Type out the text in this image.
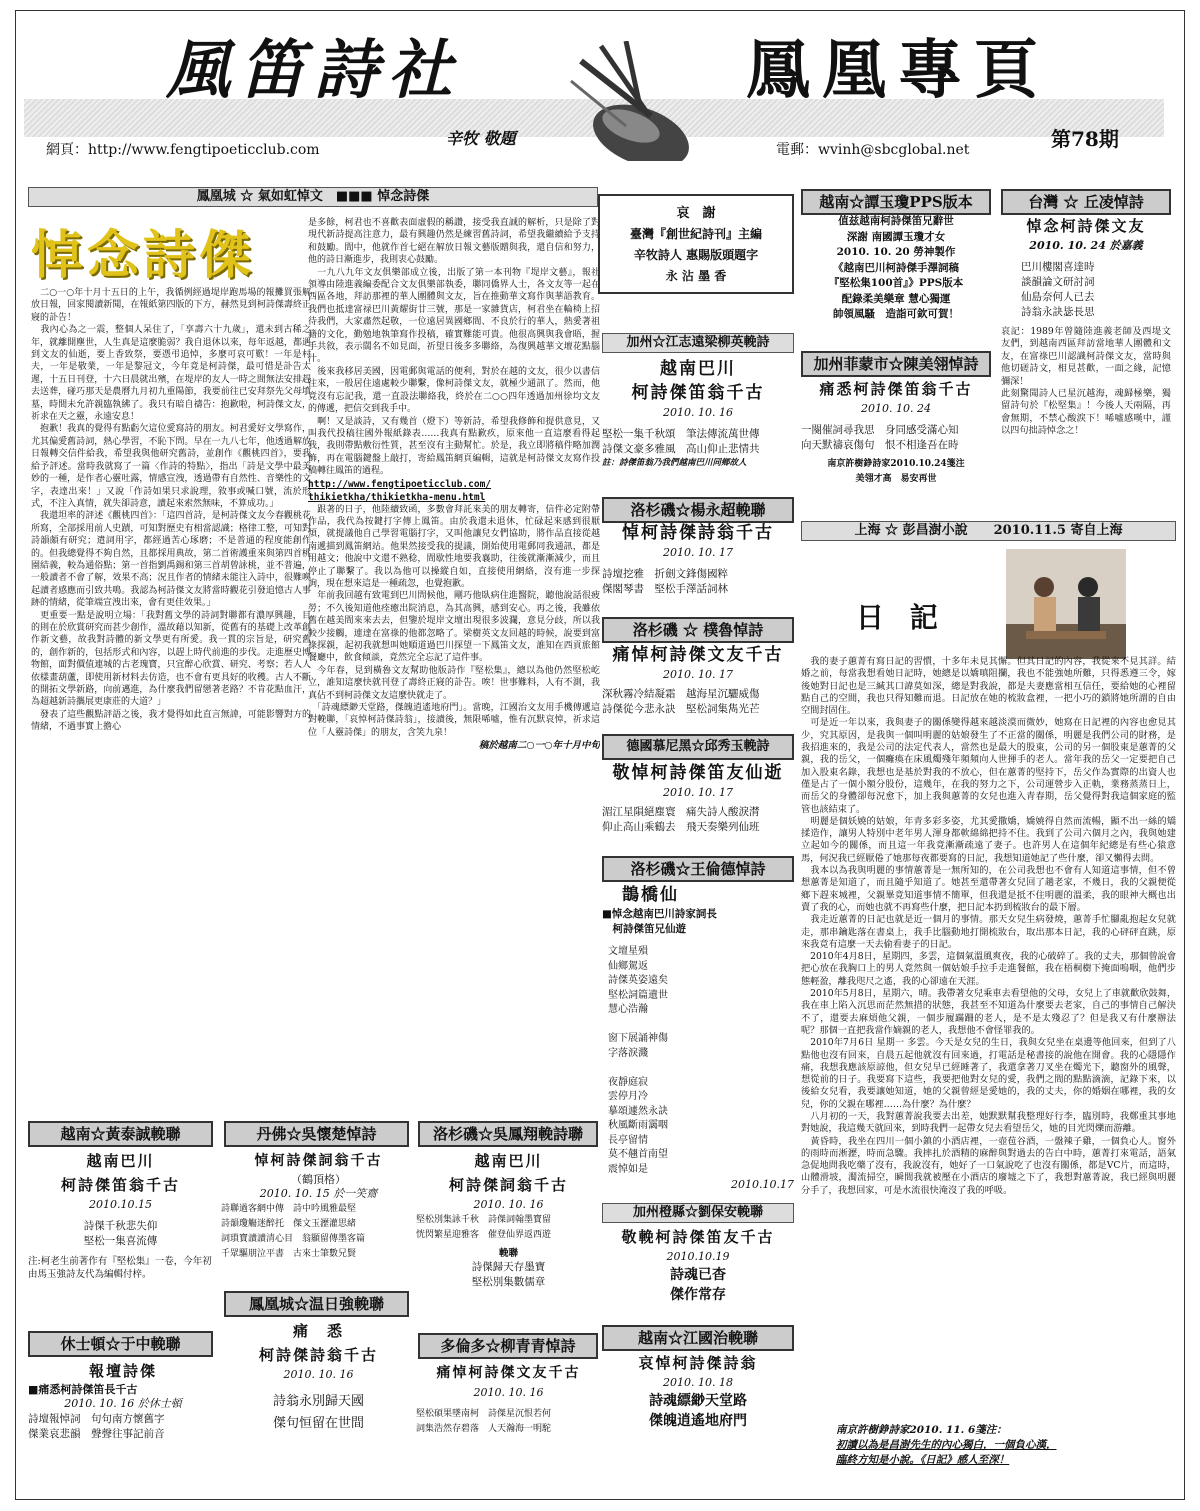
風笛詩社
辛牧 敬題
鳳凰專頁
網頁：http://www.fengtipoeticclub.com	電郵：wvinh@sbcglobal.net	第78期
鳳凰城 ☆ 氣如虹悼文　■■■ 悼念詩傑
悼念詩傑
　二○一○年十月十五日的上午，我循例經過堤岸跑馬場的報攤買張解放日報，回家閱讀新聞，在報紙第四版的下方，赫然見到柯詩傑壽終正寢的訃告！
　我內心為之一震，整個人呆住了，「享壽六十九歲」，還未到古稀之年，就離開塵世，人生真是這麼脆弱？我自退休以來，每年返越，都遇到文友的仙逝，要上香致祭，要憑弔追悼，多麼可哀可歎！一年是村夫，一年是敬業，一年是黎冠文，今年竟是柯詩傑，最可惜是訃告太遲，十五日刊登，十六日晨就出殯，在堤岸的友人一時之間無法安排趕去送葬，碰巧那天是農曆九月初九重陽節，我要前往已安拜祭先父母墳墓，時間未允許親臨執紼了。我只有暗自禱告：抱歉啦，柯詩傑文友，祈求在天之靈，永遠安息！
　抱歉！我真的覺得有點虧欠這位愛寫詩的朋友。柯君愛好文學寫作，尤其偏愛舊詩詞，熱心學習，不恥下問。早在一九八七年，他透過解放日報轉交信件給我，希望我與他研究舊詩，並創作《觀桃四首》，要我給予評述。當時我就寫了一篇〈作詩的特點〉，指出「詩是文學中最美妙的一種，是作者心靈吐露，情感宣洩，透過帶有自然性、音樂性的文字，表達出來！」又說「作詩如果只求說理，敘事或喊口號，流於形式，不注入真情，就失卻詩意，讀起來索然無味，不算成功。」
　我還坦率的評述《觀桃四首》：「這四首詩，是柯詩傑文友今春觀桃花所寫，全部採用前人史蹟，可知對歷史有相當認識；格律工整，可知對詩韻頗有研究；遣詞用字，都經過苦心琢磨；不是普通的程度能創作的。但我總覺得不夠自然，且都採用典故，第二首術護重來與第四首桃園結義，較為通俗點；第一首指劉禹錫和第三首胡曾詠桃，並不普遍，一般讀者不會了解，效果不高；況且作者的情緒未能注入詩中，很難喚起讀者感應而引致共鳴。我認為柯詩傑文友將當時觀花引發追憶古人事跡的情緒，從筆端宣洩出來，會有更佳效果。」
　更重要一點是說明立場：「我對舊文學的詩詞對聯都有濃厚興趣，目的則在於欣賞研究而甚少創作，溫故藉以知新，從舊有的基礎上改革創作新文藝，故我對詩體的新文學更有所愛。我一貫的宗旨是，研究舊的，創作新的，包括形式和內容，以趕上時代前進的步伐。走進歷史博物館，面對價值連城的古老瑰寶，只宜醉心欣賞、研究、考察；若人人依樣畫葫蘆，即使用新材料去仿造，也不會有更具好的收穫。古人不斷的開拓文學新路，向前邁進，為什麼我們留戀著老路？不肯花點血汗，為超越新詩攜展更康莊的大道？」
　發表了這些觀點評語之後，我才覺得如此直言無諱，可能影響對方的情緒，不過事實上擔心
是多餘，柯君也不喜歡表面虛假的稱讚，接受我直誠的解析，只是除了對現代新詩提高注意力，最有興趣仍然是練習舊詩詞，希望我繼續給予支持和鼓勵。間中，他就作首七絕在解放日報文藝版贈與我，還自信和努力，他的詩日漸進步，我則衷心鼓勵。
　一九八九年文友俱樂部成立後，出版了第一本刊物『堤岸文藝』，報社領導由陸進義編委配合文友俱樂部執委，聯同僑界人士，各文友等一起在西區各地，拜訪那裡的華人團體與文友，旨在推動華文寫作與華語教育。我們也抵達富禄巴川黃耀街廿三號，那是一家雜貨店，柯君坐在輪椅上招待我們，大家肅然起敬，一位遠居異國鄉間、不良於行的華人，熱愛著祖籍的文化，勤勉地執筆寫作投稿，確實難能可貴。他很高興與我會晤，握手共敘，表示闊名不如見面，祈望日後多多聯絡，為復興越華文壇花點腦汁。
　後來我移居美國，因電郵與電話的便利，對於在越的文友，很少以書信往來，一般居住遠處較少聯繫，像柯詩傑文友，就極少通訊了。然而，他竟沒有忘記我，還一直設法聯絡我，終於在二○○四年透過加州徐均文友的傳遞，把信交到我手中。
　啊！又是談詩，又有幾首（燈下）等新詩，希望我修飾和提供意見，又叫我代投稿往國外報紙錄表……我真有點歉疚，原來他一直這麼看得起我，我則帶點敷衍性質，甚至沒有主動幫忙。於是，我立即將稿件略加潤飾，再在電腦鍵盤上敲打，寄給鳳笛網頁編輯，這就是柯詩傑文友寫作投稿轉往鳳笛的過程。
http://www.fengtipoeticclub.com/
thikietkha/thikietkha-menu.html
　跟著的日子，他陸續致函，多數會拜託來美的朋友轉寄，信件必定附帶作品，我代為按鍵打字傳上鳳笛。由於我還未退休，忙碌起來感到很厭煩，就提議他自己學習電腦打字，又叫他讓兒女們協助，將作品直接從越南遞描到鳳笛網站。他果然接受我的提議，開始使用電郵同我通訊，都是用越文；他說中文還不熟稔，間歇性地要我襄助，往後就漸漸減少，而且停止了聯繫了。我以為他可以操縱自如，直接使用網絡，沒有進一步探詢，現在想來這是一種疏忽，也覺抱歉。
　年前我回越有致電到巴川問候他，剛巧他臥病住進醫院，聽他說話很疲勞；不久後知道他痊癒出院消息，為其高興，感到安心。再之後，我雖依舊在越美間來來去去，但鑒於堤岸文壇出現很多波瀾，意見分歧，所以我較少接觸，連達在富祿的他都忽略了。梁樹英文友回越的時候，說要到富祿探親，起初我就想叫她順道過巴川探望一下鳳笛文友，誰知在西貢旅館餐廳中，飲食傾談，竟然完全忘記了這件事。
　今年春，見到橫魯文友幫助他版詩作『堅松集』，總以為他仍然堅松屹立，誰知這麼快就刊登了壽終正寢的訃告。唉！世事難料，人有不測，我真佔不到柯詩傑文友這麼快就走了。
　「詩魂縹緲天堂路，傑魄逍遙地府門」。當晚，江國治文友用手機傳遞這對輓聯，「哀悼柯詩傑詩翁」，接讀後，無限唏噓，惟有沉默哀悼，祈求這位「人靈詩傑」的朋友，含笑九泉！
稿於越南二○一○年十月中旬
哀　謝
臺灣『創世紀詩刊』主編
辛牧詩人 惠賜版頭題字
永 沾 墨 香
加州☆江志遠梁柳英輓詩
越南巴川
柯詩傑笛翁千古
2010. 10. 16
堅松一集千秋頌　筆法傳流萬世傳
詩傑文豪多雅風　高山仰止悲情共
註：詩傑笛翁乃我們越南巴川同鄉故人
洛杉磯☆楊永超輓聯
悼柯詩傑詩翁千古
2010. 10. 17
詩壇挖雅　折劍文鋒傷國粹
傑閣琴書　堅松手澤話詞林
洛杉磯 ☆ 樸魯悼詩
痛悼柯詩傑文友千古
2010. 10. 17
深秋霧冷結凝霜　越海星沉驪威傷
詩傑從今悲永訣　堅松詞集雋光芒
德國慕尼黑☆邱秀玉輓詩
敬悼柯詩傑笛友仙逝
2010. 10. 17
湄江星隕絕塵寰　痛失詩人酸淚潸
仰止高山乘鶴去　飛天奏樂列仙班
洛杉磯☆王倫德悼詩
鵲橋仙
■悼念越南巴川詩家詞長
　柯詩傑笛兄仙遊
文壇星殞
仙鄉駕返
詩傑英姿遠矣
堅松詞篇遺世
慧心浩瀚

窗下展誦神傷
字落淚濺

夜靜庭寂
雲停月冷
摹頌遽然永訣
秋風斷雨靄咽
長亭留情
莫不翹首南望
震悼如是
2010.10.17
加州橙縣☆劉保安輓聯
敬輓柯詩傑笛友千古
2010.10.19
詩魂已杳
傑作常存
越南☆江國治輓聯
哀悼柯詩傑詩翁
2010. 10. 18
詩魂縹緲天堂路
傑魄逍遙地府門
越南☆譚玉瓊PPS版本
值兹越南柯詩傑笛兄辭世
深謝 南國譚玉瓊才女
2010. 10. 20 勞神製作
《越南巴川柯詩傑手澤詞稿
『堅松集100首』》PPS版本
配錄柔美樂章 慧心獨運
帥領風騷　造詣可欽可賀！
加州菲蒙市☆陳美翎悼詩
痛悉柯詩傑笛翁千古
2010. 10. 24
一闋催詞尋我思　身同感受滿心知
向天默禱哀傷句　恨不相逢吾在時
南京許樹錚詩家2010.10.24箋注
美翎才高　易安再世
台灣 ☆ 丘凌悼詩
悼念柯詩傑文友
2010. 10. 24 於嘉義
巴川樓閣喜達時
談韻論文研討詞
仙島奈何人已去
詩翁永訣毖長思
哀記：1989年曾隨陸進義老師及西堤文友們，到越南西區拜訪當地華人團體和文友，在富祿巴川認識柯詩傑文友，當時與他切磋詩文，相見甚歡，一面之緣，記憶彌深！
此刻驚聞詩人已星沉越海，魂歸極樂，獨留詩句於『松堅集』！今後人天兩隔，再會無期，不禁心酸淚下！唏噓感嘆中，謹以四句拙詩悼念之！
上海 ☆ 彭昌澍小說　　2010.11.5 寄自上海
日 記
　我的妻子蕙菁有寫日記的習慣，十多年未見其懈。但其日記的內容，我從來不見其詳。結婚之前，每當我想看她日記時，她總是以嬌嗔阻攔，我也不能強她所難，只得悉遵三令，嫁後她對日記也是三緘其口諱莫如深，總是對我說，都是夫妻應當相互信任，要給她的心裡留點自己的空間，我也只得知難而退。日記放在她的梳妝盒裡，一把小巧的鎖將她所謂的自由空間封固住。
　可是近一年以來，我與妻子的關係變得越來越淡漠而微妙，她寫在日記裡的內容也愈見其少，究其原因，是我與一個叫明麗的姑娘發生了不正當的關係，明麗是我們公司的財務，是我招進來的，我是公司的法定代表人，當然也是最大的股東，公司的另一個股東是蕙菁的父親，我的岳父，一個癱瘓在床風燭殘年頻頻向人世揮手的老人。當年我的岳父一定要把自己加入股東名錄，我想也是基於對我的不放心，但在蕙菁的堅持下，岳父作為實際的出資人也僅是占了一個小額分股份，這幾年，在我的努力之下，公司運營步入正軌，業務蒸蒸日上，而岳父的身體卻每況愈下，加上我與蕙菁的女兒也進入青春期，岳父覺得對我這個家庭的監管也該結束了。
　明麗是個妖嬈的姑娘，年青多彩多姿，尤其愛撒嬌，嬌嬈得自然而流暢，顯不出一絲的矯揉造作，讓男人特別中老年男人渾身都軟綿綿把持不住。我到了公司六個月之內，我與她建立起如今的關係，而且這一年我竟漸漸疏遠了妻子。也許男人在這個年紀總是有些心猿意馬，何況我已經厭倦了她那每夜都要寫的日記，我想知道她記了些什麼，卻又懶得去問。
　我本以為我與明麗的事情蕙菁是一無所知的，在公司我想也不會有人知道這事情，但不曾想蕙菁是知道了，而且隨乎知道了。她甚至還帶著女兒回了趟老家，不幾日，我的父親便從鄉下趕來城裡，父親畢竟知道事情不簡單，但我還是抵不住明麗的溫柔，我的眼神大概也出賣了我的心，而她也就不再寫些什麼，把日記本扔到梳妝台的最下層。
　我走近蕙菁的日記也就是近一個月的事情。那天女兒生病發燒，蕙菁手忙腳亂抱起女兒就走，那串鑰匙落在書桌上，我手比腦動地打開梳妝台，取出那本日記，我的心砰砰直跳，原來我竟有這麼一天去偷看妻子的日記。
　2010年4月8日，星期四，多雲，這個氣溫風爽夜，我的心破碎了。我的丈夫，那個曾說會把心放在我胸口上的男人竟然與一個姑娘手拉手走進餐館，我在梧桐樹下掩面嗚咽，他們步態輕盈，離我咫尺之遙，我的心卻遠在天涯。
　2010年5月8日，星期六，晴。我帶著女兒乘車去看望他的父母，女兒上了車就歡欣鼓舞，我在車上陷入沉思而茫然無措的狀態，我甚至不知道為什麼要去老家，自己的事情自己解決不了，還要去麻煩他父親，一個步履蹣跚的老人，是不是太殘忍了？但是我又有什麼辦法呢？那個一直把我當作嫡親的老人，我想他不會怪罪我的。
　2010年7月6日 星期一 多雲。今天是女兒的生日，我與女兒坐在桌邊等他回來，但到了八點他也沒有回來，自晨五起他就沒有回來過，打電話是秘書接的說他在開會。我的心隱隱作痛，我想我應該原諒他，但女兒早已經睡著了，我還拿著刀叉坐在燭光下，聽窗外的風聲，想從前的日子。我要寫下這些，我要把他對女兒的愛，我們之間的點點滴滴，記錄下來，以後給女兒看，我要讓她知道，她的父親曾經是愛她的，我的丈夫，你的婚姻在哪裡，我的女兒，你的父親在哪裡……為什麼？為什麼？
　八月初的一天，我對蕙菁說我要去出差，她默默幫我整理好行李，臨別時，我鄭重其事地對她說，我這幾天就回來，到時我們一起帶女兒去看望岳父，她的目光閃爍而游離。
　黃昏時，我坐在四川一個小鎮的小酒店裡，一壺苞谷酒，一盤辣子雞，一個負心人。窗外的雨時而淅瀝，時而急驟。我摔扎於酒精的麻醉與對過去的告白中時，蕙菁打來電話，語氣急促地問我吃藥了沒有，我說沒有，她好了一口氣說吃了也沒有關係，都是VC片，而這時，山體滑坡，濁流掃空，瞬間我就被壓在小酒店的廢墟之下了，我想對蕙菁說，我已經與明麗分手了，我想回家，可是水流很快淹沒了我的呼吸。
南京許樹錚詩家2010. 11. 6箋注：
初讀以為是昌澍先生的內心獨白，一個負心漢，
臨終方知是小說。《日記》感人至深！
越南☆黃泰誠輓聯
越南巴川
柯詩傑笛翁千古
2010.10.15
詩傑千秋悲失仰
堅松一集喜流傳
注:柯老生前著作有『堅松集』一卷，今年初由馬玉強詩友代為編輯付梓。
休士頓☆于中輓聯
報壇詩傑
■痛悉柯詩傑笛長千古
2010. 10. 16 於休士頓
詩壇報悼詞　句句南方懷舊字
傑業哀悲韻　聲聲往事記前音
丹佛☆吳懷楚悼詩
悼柯詩傑詞翁千古
（鶴頂格）
2010. 10. 15 於一笑齋
詩聯過客網中傳　詩中吟風雅最堅
詩韻瓊觴迷醉托　傑文玉瀝灌思緒
詞瑣寶讀讀清心目　翁顯留傳墨客篇
千眾驅朋泣平書　古來士筆數兄賢
鳳凰城☆温日強輓聯
痛　悉
柯詩傑詩翁千古
2010. 10. 16
詩翁永別歸天國
傑句恒留在世間
洛杉磯☆吳鳳翔輓詩聯
越南巴川
柯詩傑詞翁千古
2010. 10. 16
堅松別集詠千秋　詩傑詞翰墨寶留
恍閃繁星迎雅客　催登仙界返西遊
輓聯
詩傑歸天存墨寶
堅松別集數儒章
多倫多☆柳青青悼詩
痛悼柯詩傑文友千古
2010. 10. 16
堅松碩果墜南柯　詩傑星沉恨若何
詞集浩然存碧落　人天瀚海一明駝
